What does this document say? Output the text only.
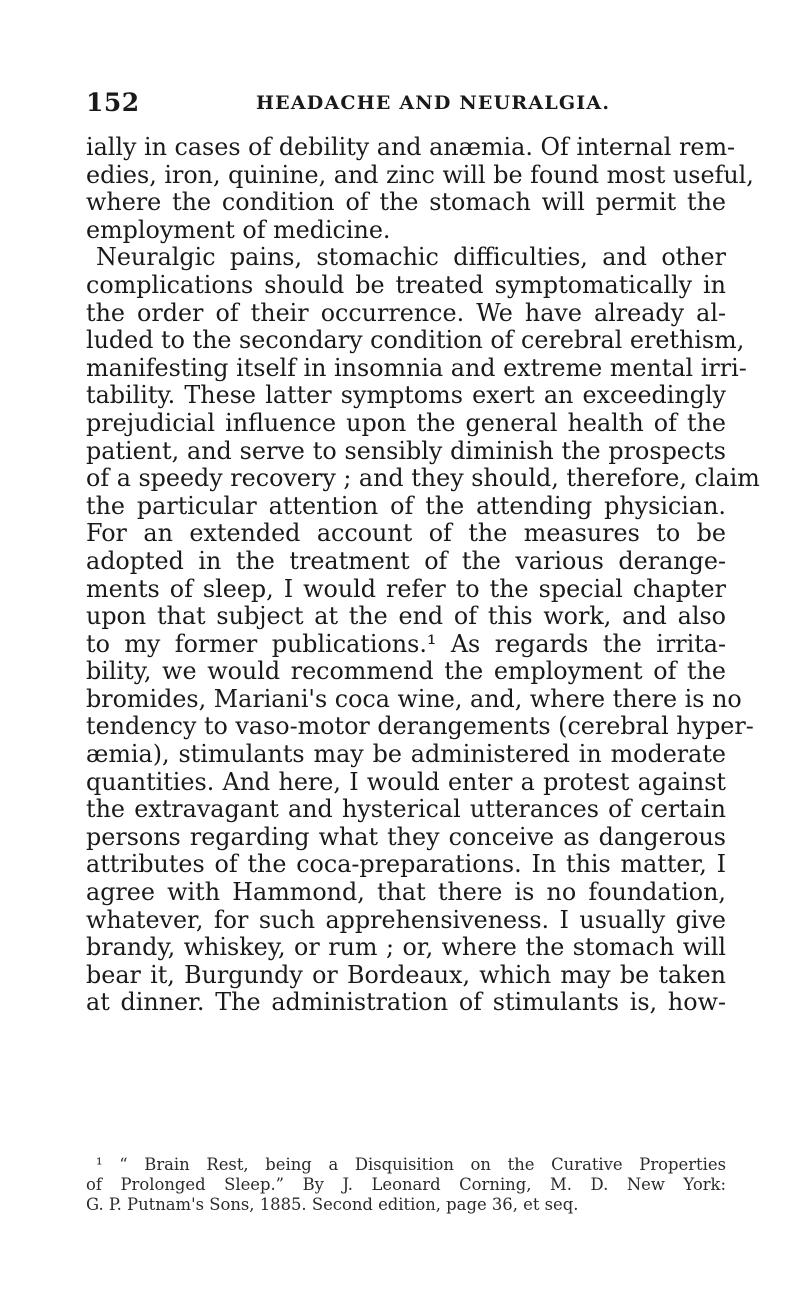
152	HEADACHE AND NEURALGIA.
ially in cases of debility and anæmia. Of internal rem-
edies, iron, quinine, and zinc will be found most useful,
where the condition of the stomach will permit the
employment of medicine.
Neuralgic pains, stomachic difficulties, and other
complications should be treated symptomatically in
the order of their occurrence. We have already al-
luded to the secondary condition of cerebral erethism,
manifesting itself in insomnia and extreme mental irri-
tability. These latter symptoms exert an exceedingly
prejudicial influence upon the general health of the
patient, and serve to sensibly diminish the prospects
of a speedy recovery ; and they should, therefore, claim
the particular attention of the attending physician.
For an extended account of the measures to be
adopted in the treatment of the various derange-
ments of sleep, I would refer to the special chapter
upon that subject at the end of this work, and also
to my former publications.¹ As regards the irrita-
bility, we would recommend the employment of the
bromides, Mariani's coca wine, and, where there is no
tendency to vaso-motor derangements (cerebral hyper-
æmia), stimulants may be administered in moderate
quantities. And here, I would enter a protest against
the extravagant and hysterical utterances of certain
persons regarding what they conceive as dangerous
attributes of the coca-preparations. In this matter, I
agree with Hammond, that there is no foundation,
whatever, for such apprehensiveness. I usually give
brandy, whiskey, or rum ; or, where the stomach will
bear it, Burgundy or Bordeaux, which may be taken
at dinner. The administration of stimulants is, how-
¹ “ Brain Rest, being a Disquisition on the Curative Properties
of Prolonged Sleep.” By J. Leonard Corning, M. D. New York:
G. P. Putnam's Sons, 1885. Second edition, page 36, et seq.
